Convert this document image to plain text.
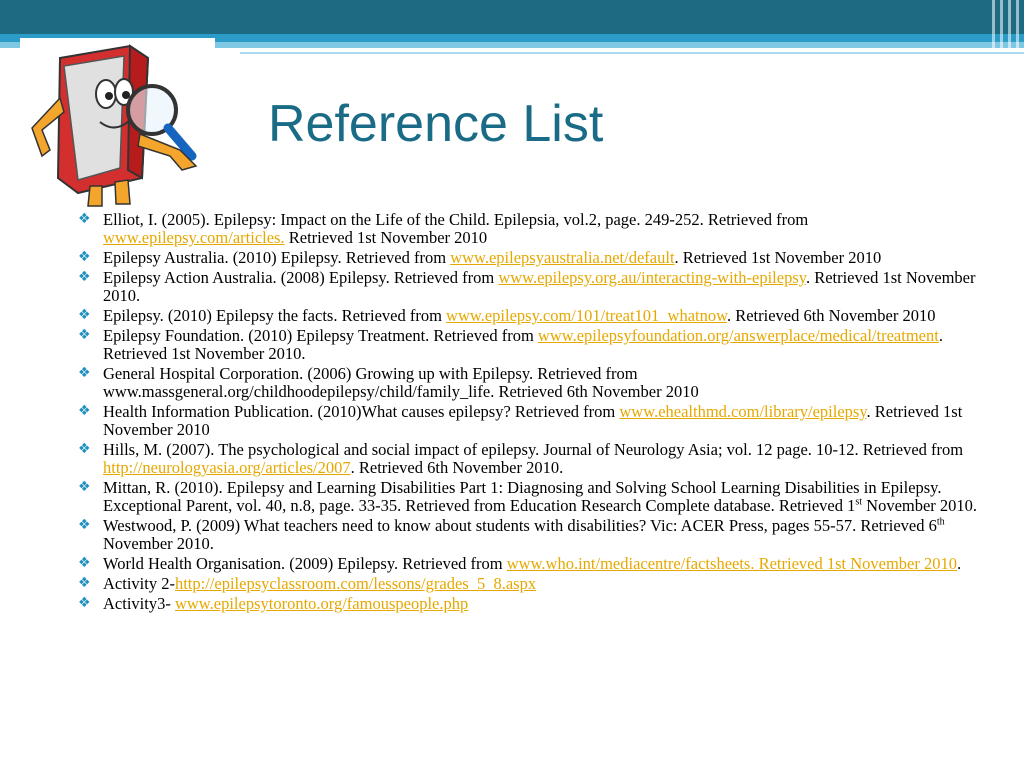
Reference List
❖ Elliot, I. (2005). Epilepsy: Impact on the Life of the Child. Epilepsia, vol.2, page. 249-252. Retrieved from www.epilepsy.com/articles. Retrieved 1st November 2010
❖ Epilepsy Australia. (2010) Epilepsy. Retrieved from www.epilepsyaustralia.net/default. Retrieved 1st November 2010
❖ Epilepsy Action Australia. (2008) Epilepsy. Retrieved from www.epilepsy.org.au/interacting-with-epilepsy. Retrieved 1st November 2010.
❖ Epilepsy. (2010) Epilepsy the facts. Retrieved from www.epilepsy.com/101/treat101_whatnow. Retrieved 6th November 2010
❖ Epilepsy Foundation. (2010) Epilepsy Treatment. Retrieved from www.epilepsyfoundation.org/answerplace/medical/treatment. Retrieved 1st November 2010.
❖ General Hospital Corporation. (2006) Growing up with Epilepsy. Retrieved from www.massgeneral.org/childhoodepilepsy/child/family_life. Retrieved 6th November 2010
❖ Health Information Publication. (2010)What causes epilepsy? Retrieved from www.ehealthmd.com/library/epilepsy. Retrieved 1st November 2010
❖ Hills, M. (2007). The psychological and social impact of epilepsy. Journal of Neurology Asia; vol. 12 page. 10-12. Retrieved from http://neurologyasia.org/articles/2007. Retrieved 6th November 2010.
❖ Mittan, R. (2010). Epilepsy and Learning Disabilities Part 1: Diagnosing and Solving School Learning Disabilities in Epilepsy. Exceptional Parent, vol. 40, n.8, page. 33-35. Retrieved from Education Research Complete database. Retrieved 1st November 2010.
❖ Westwood, P. (2009) What teachers need to know about students with disabilities? Vic: ACER Press, pages 55-57. Retrieved 6th November 2010.
❖ World Health Organisation. (2009) Epilepsy. Retrieved from www.who.int/mediacentre/factsheets. Retrieved 1st November 2010.
❖ Activity 2-http://epilepsyclassroom.com/lessons/grades_5_8.aspx
❖ Activity3- www.epilepsytoronto.org/famouspeople.php
